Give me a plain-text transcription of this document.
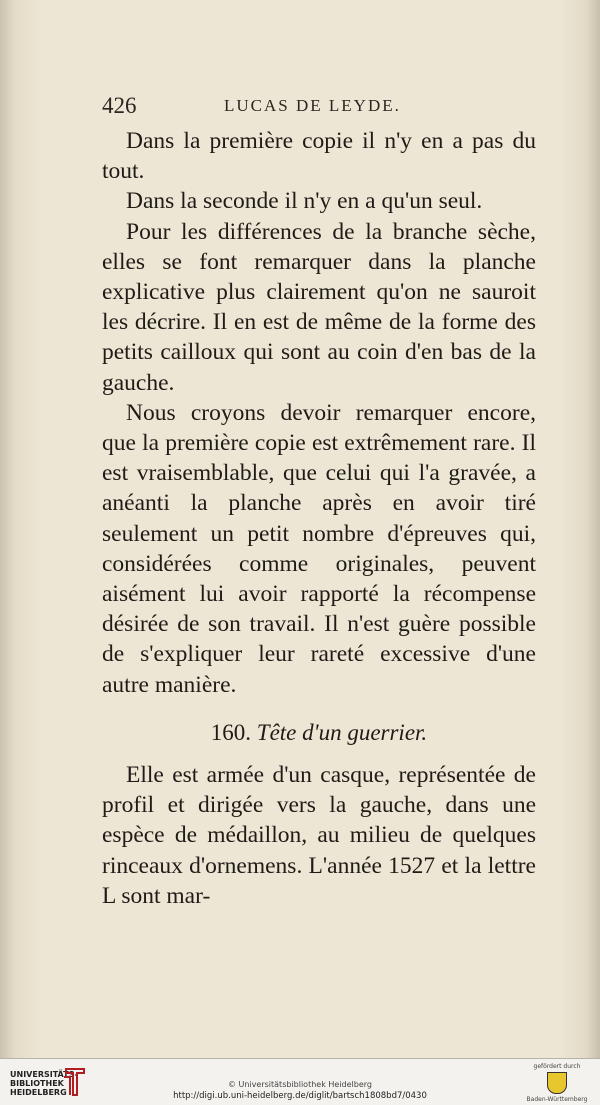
426	LUCAS DE LEYDE.

Dans la première copie il n'y en a pas du tout.

Dans la seconde il n'y en a qu'un seul.

Pour les différences de la branche sèche, elles se font remarquer dans la planche explicative plus clairement qu'on ne sauroit les décrire. Il en est de même de la forme des petits cailloux qui sont au coin d'en bas de la gauche.

Nous croyons devoir remarquer encore, que la première copie est extrêmement rare. Il est vraisemblable, que celui qui l'a gravée, a anéanti la planche après en avoir tiré seulement un petit nombre d'épreuves qui, considérées comme originales, peuvent aisément lui avoir rapporté la récompense désirée de son travail. Il n'est guère possible de s'expliquer leur rareté excessive d'une autre manière.

160. Tête d'un guerrier.

Elle est armée d'un casque, représentée de profil et dirigée vers la gauche, dans une espèce de médaillon, au milieu de quelques rinceaux d'ornemens. L'année 1527 et la lettre L sont mar-

UNIVERSITÄTS-
BIBLIOTHEK
HEIDELBERG
© Universitätsbibliothek Heidelberg
http://digi.ub.uni-heidelberg.de/diglit/bartsch1808bd7/0430
gefördert durch
Baden-Württemberg
